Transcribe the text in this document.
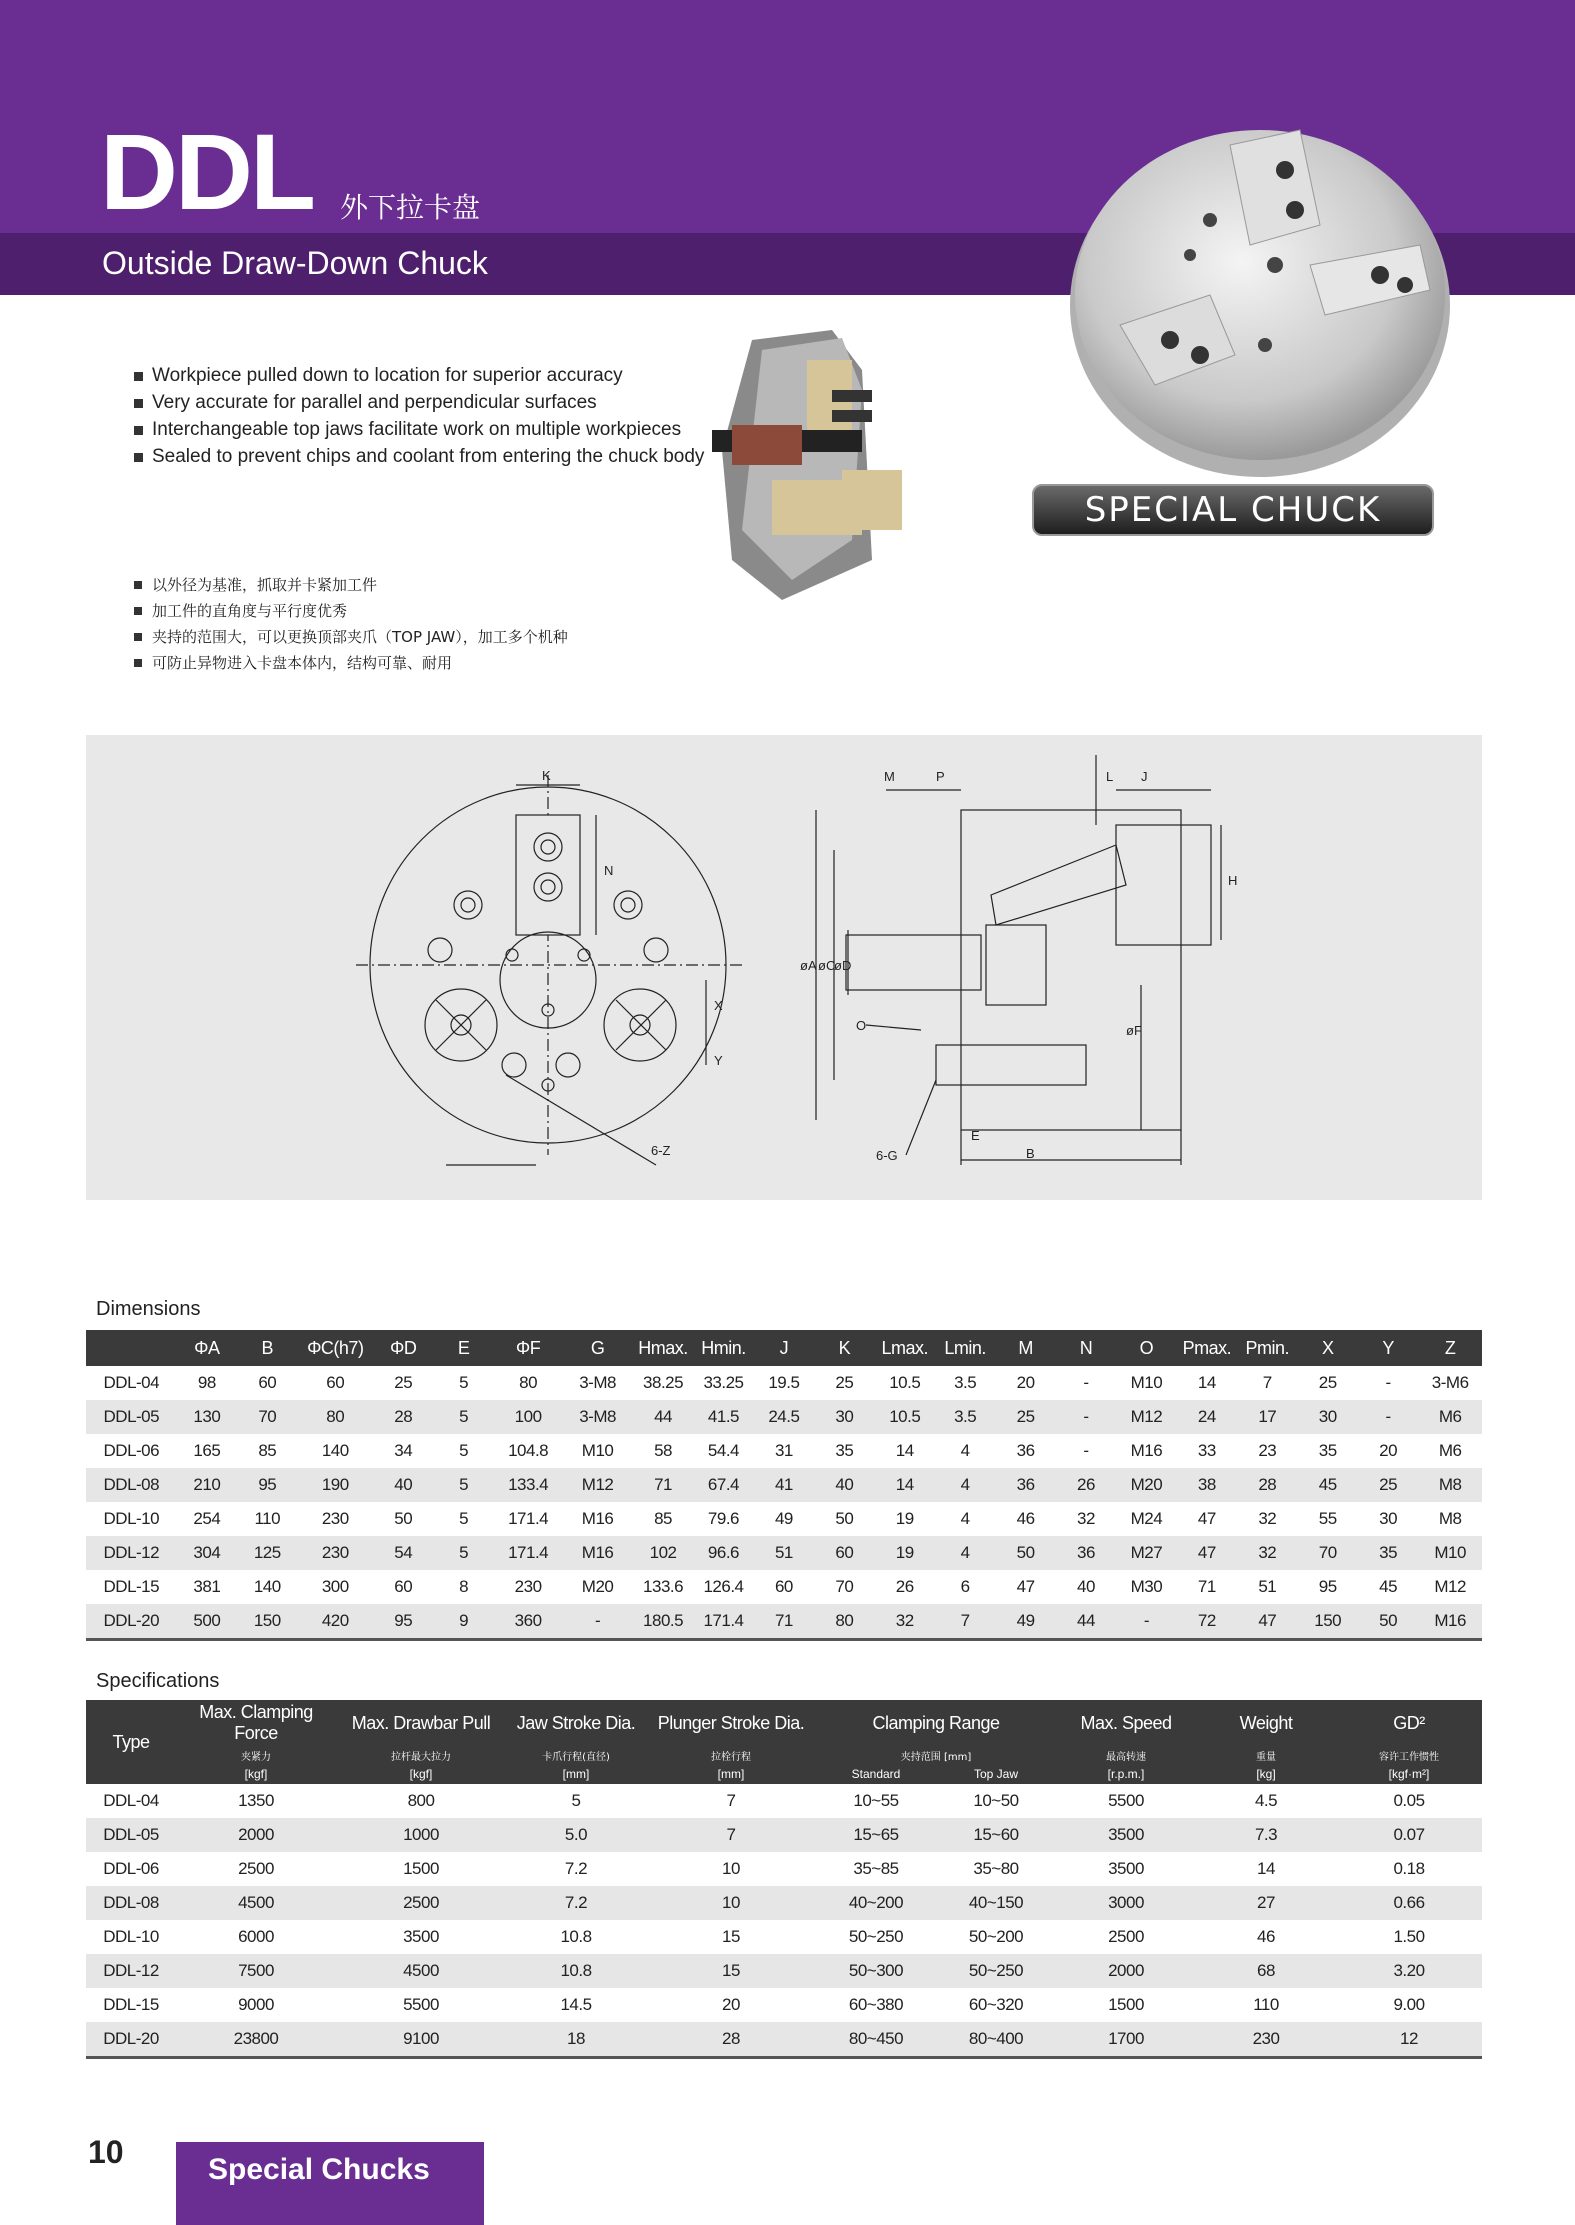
DDL 外下拉卡盘
Outside Draw-Down Chuck
SPECIAL CHUCK
Workpiece pulled down to location for superior accuracy
Very accurate for parallel and perpendicular surfaces
Interchangeable top jaws facilitate work on multiple workpieces
Sealed to prevent chips and coolant from entering the chuck body
以外径为基准，抓取并卡紧加工件
加工件的直角度与平行度优秀
夹持的范围大，可以更换顶部夹爪（TOP JAW），加工多个机种
可防止异物进入卡盘本体内，结构可靠、耐用
K
N
X
Y
6-Z
M	P	L J
H
øA øC
øD
øF
O
E
B
6-G
Dimensions
	ΦA	B	ΦC(h7)	ΦD	E	ΦF	G	Hmax.	Hmin.	J	K	Lmax.	Lmin.	M	N	O	Pmax.	Pmin.	X	Y	Z
DDL-04	98	60	60	25	5	80	3-M8	38.25	33.25	19.5	25	10.5	3.5	20	-	M10	14	7	25	-	3-M6
DDL-05	130	70	80	28	5	100	3-M8	44	41.5	24.5	30	10.5	3.5	25	-	M12	24	17	30	-	M6
DDL-06	165	85	140	34	5	104.8	M10	58	54.4	31	35	14	4	36	-	M16	33	23	35	20	M6
DDL-08	210	95	190	40	5	133.4	M12	71	67.4	41	40	14	4	36	26	M20	38	28	45	25	M8
DDL-10	254	110	230	50	5	171.4	M16	85	79.6	49	50	19	4	46	32	M24	47	32	55	30	M8
DDL-12	304	125	230	54	5	171.4	M16	102	96.6	51	60	19	4	50	36	M27	47	32	70	35	M10
DDL-15	381	140	300	60	8	230	M20	133.6	126.4	60	70	26	6	47	40	M30	71	51	95	45	M12
DDL-20	500	150	420	95	9	360	-	180.5	171.4	71	80	32	7	49	44	-	72	47	150	50	M16
Specifications
Type	Max. Clamping Force	Max. Drawbar Pull	Jaw Stroke Dia.	Plunger Stroke Dia.	Clamping Range		Max. Speed	Weight	GD²
	夹紧力	拉杆最大拉力	卡爪行程(直径)	拉栓行程	夹持范围 [mm]		最高转速	重量	容许工作惯性
	[kgf]	[kgf]	[mm]	[mm]	Standard	Top Jaw	[r.p.m.]	[kg]	[kgf·m²]
DDL-04	1350	800	5	7	10~55	10~50	5500	4.5	0.05
DDL-05	2000	1000	5.0	7	15~65	15~60	3500	7.3	0.07
DDL-06	2500	1500	7.2	10	35~85	35~80	3500	14	0.18
DDL-08	4500	2500	7.2	10	40~200	40~150	3000	27	0.66
DDL-10	6000	3500	10.8	15	50~250	50~200	2500	46	1.50
DDL-12	7500	4500	10.8	15	50~300	50~250	2000	68	3.20
DDL-15	9000	5500	14.5	20	60~380	60~320	1500	110	9.00
DDL-20	23800	9100	18	28	80~450	80~400	1700	230	12
10	Special Chucks
